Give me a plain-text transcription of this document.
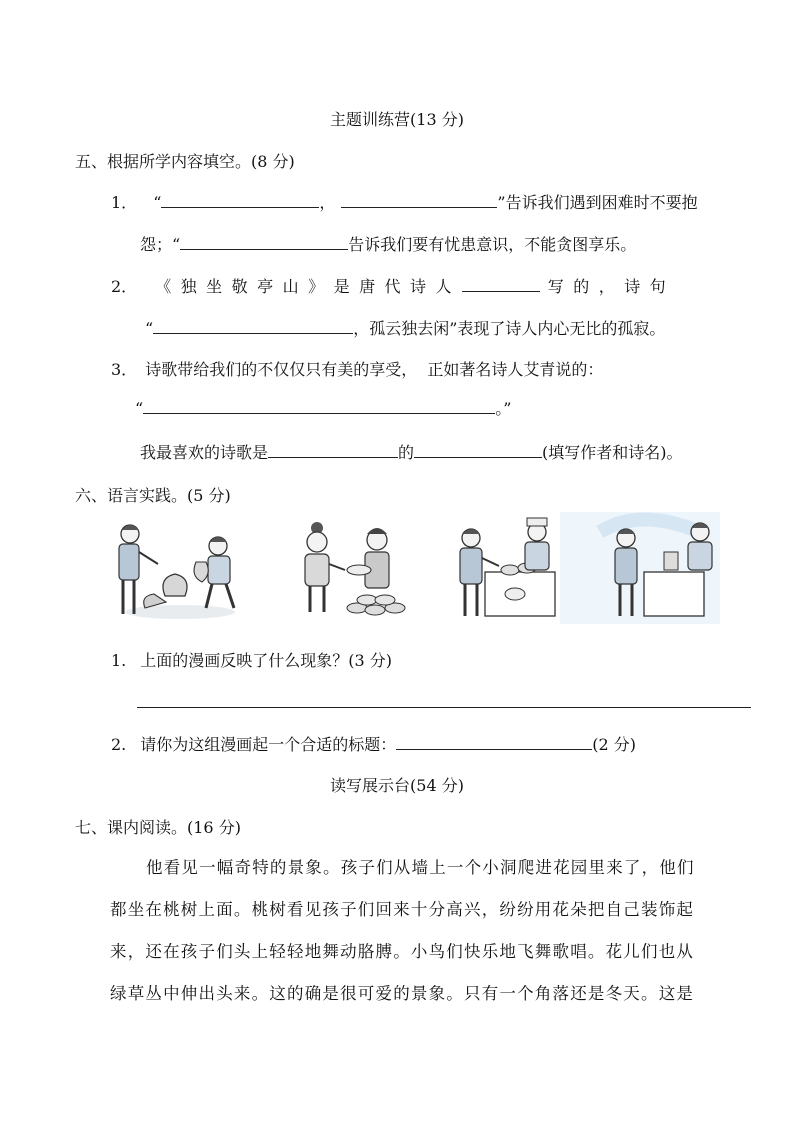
主题训练营(13 分)
五、根据所学内容填空。(8 分)
1． “	，	”告诉我们遇到困难时不要抱
怨；“	告诉我们要有忧患意识，不能贪图享乐。
2． 《 独 坐 敬 亭 山 》 是 唐 代 诗 人	写 的 ， 诗 句
“	，孤云独去闲”表现了诗人内心无比的孤寂。
3． 诗歌带给我们的不仅仅只有美的享受，  正如著名诗人艾青说的：
“	。”
我最喜欢的诗歌是	的	(填写作者和诗名)。
六、语言实践。(5 分)
1. 上面的漫画反映了什么现象？(3 分)
2. 请你为这组漫画起一个合适的标题：	(2 分)
读写展示台(54 分)
七、课内阅读。(16 分)
他看见一幅奇特的景象。孩子们从墙上一个小洞爬进花园里来了，他们
都坐在桃树上面。桃树看见孩子们回来十分高兴，纷纷用花朵把自己装饰起
来，还在孩子们头上轻轻地舞动胳膊。小鸟们快乐地飞舞歌唱。花儿们也从
绿草丛中伸出头来。这的确是很可爱的景象。只有一个角落还是冬天。这是
